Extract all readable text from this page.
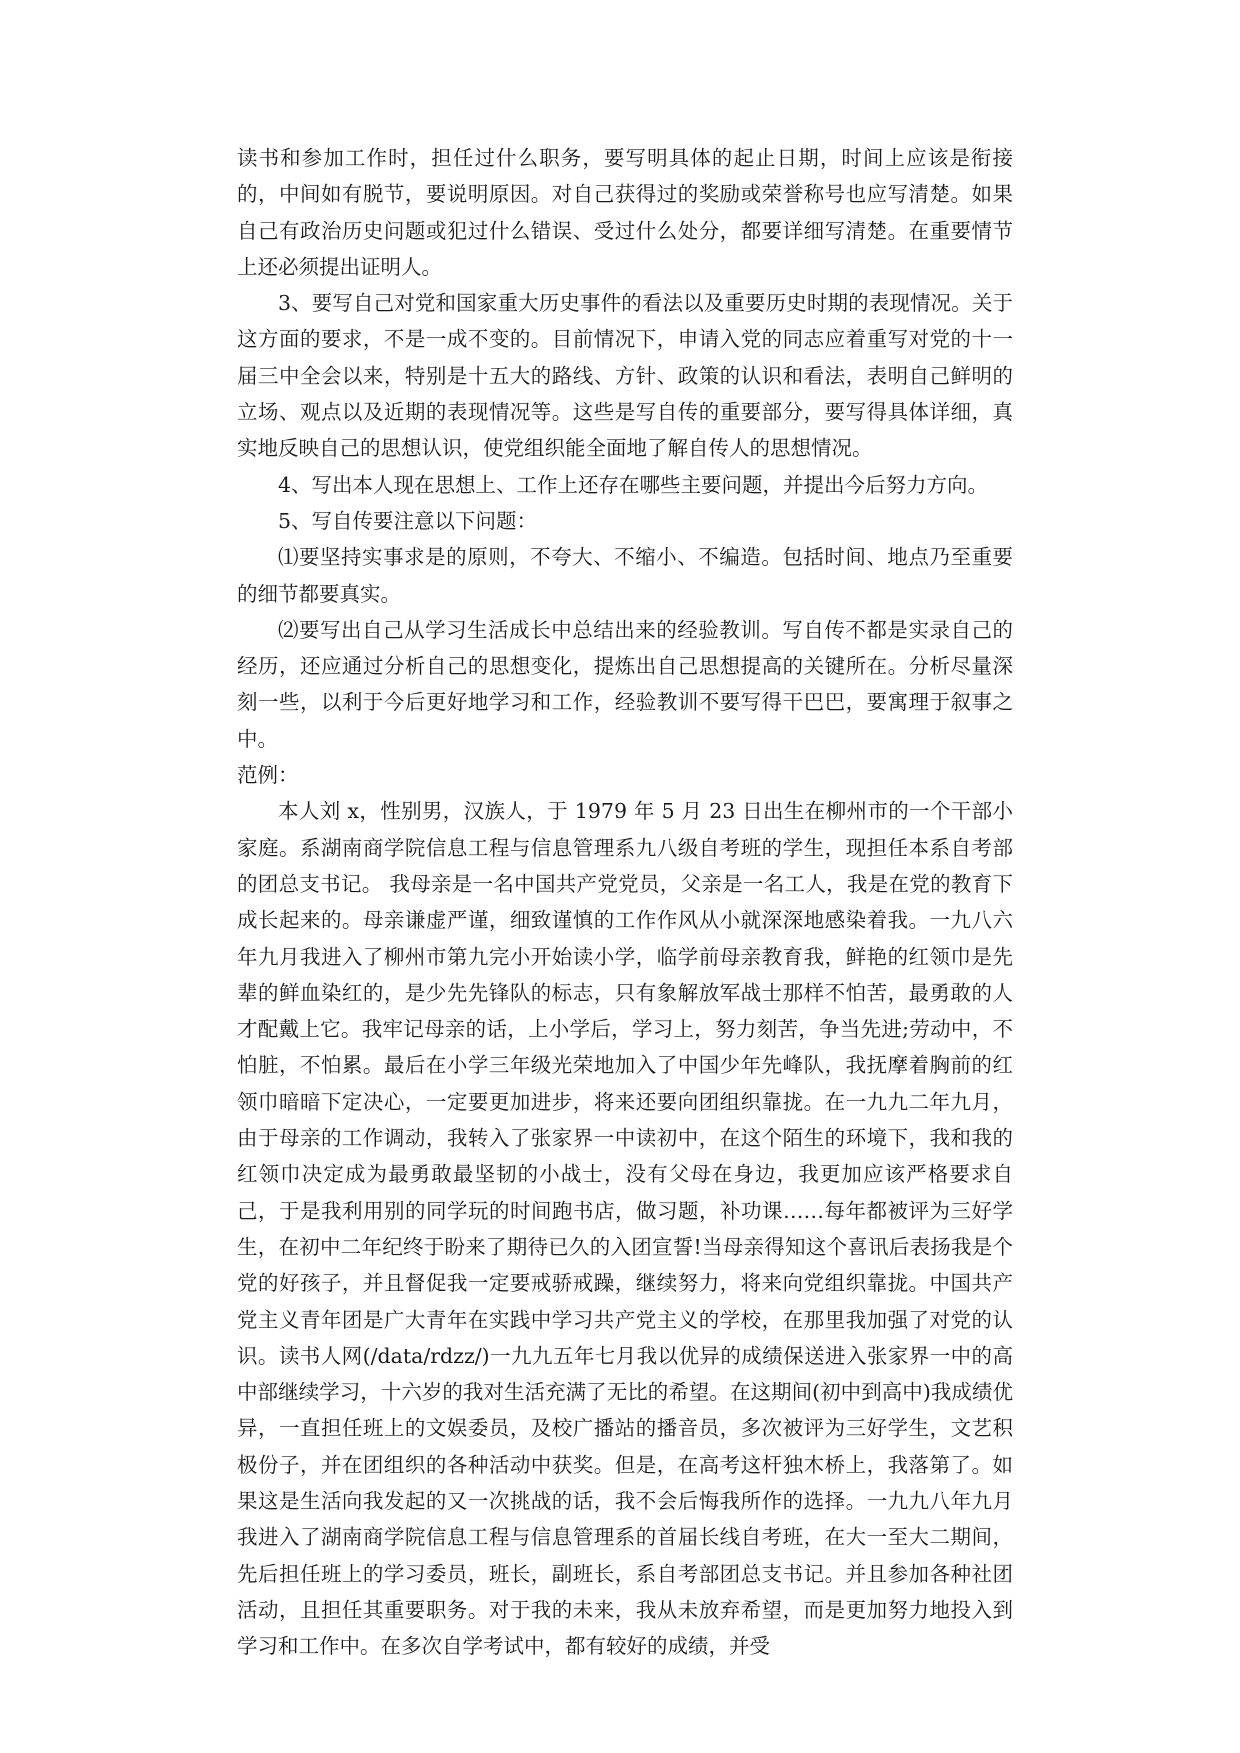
读书和参加工作时，担任过什么职务，要写明具体的起止日期，时间上应该是衔接的，中间如有脱节，要说明原因。对自己获得过的奖励或荣誉称号也应写清楚。如果自己有政治历史问题或犯过什么错误、受过什么处分，都要详细写清楚。在重要情节上还必须提出证明人。

3、要写自己对党和国家重大历史事件的看法以及重要历史时期的表现情况。关于这方面的要求，不是一成不变的。目前情况下，申请入党的同志应着重写对党的十一届三中全会以来，特别是十五大的路线、方针、政策的认识和看法，表明自己鲜明的立场、观点以及近期的表现情况等。这些是写自传的重要部分，要写得具体详细，真实地反映自己的思想认识，使党组织能全面地了解自传人的思想情况。

4、写出本人现在思想上、工作上还存在哪些主要问题，并提出今后努力方向。

5、写自传要注意以下问题：

⑴要坚持实事求是的原则，不夸大、不缩小、不编造。包括时间、地点乃至重要的细节都要真实。

⑵要写出自己从学习生活成长中总结出来的经验教训。写自传不都是实录自己的经历，还应通过分析自己的思想变化，提炼出自己思想提高的关键所在。分析尽量深刻一些，以利于今后更好地学习和工作，经验教训不要写得干巴巴，要寓理于叙事之中。

范例：

本人刘 x，性别男，汉族人，于 1979 年 5 月 23 日出生在柳州市的一个干部小家庭。系湖南商学院信息工程与信息管理系九八级自考班的学生，现担任本系自考部的团总支书记。 我母亲是一名中国共产党党员，父亲是一名工人，我是在党的教育下成长起来的。母亲谦虚严谨，细致谨慎的工作作风从小就深深地感染着我。一九八六年九月我进入了柳州市第九完小开始读小学，临学前母亲教育我，鲜艳的红领巾是先辈的鲜血染红的，是少先先锋队的标志，只有象解放军战士那样不怕苦，最勇敢的人才配戴上它。我牢记母亲的话，上小学后，学习上，努力刻苦，争当先进;劳动中，不怕脏，不怕累。最后在小学三年级光荣地加入了中国少年先峰队，我抚摩着胸前的红领巾暗暗下定决心，一定要更加进步，将来还要向团组织靠拢。在一九九二年九月，由于母亲的工作调动，我转入了张家界一中读初中，在这个陌生的环境下，我和我的红领巾决定成为最勇敢最坚韧的小战士，没有父母在身边，我更加应该严格要求自己，于是我利用别的同学玩的时间跑书店，做习题，补功课……每年都被评为三好学生，在初中二年纪终于盼来了期待已久的入团宣誓!当母亲得知这个喜讯后表扬我是个党的好孩子，并且督促我一定要戒骄戒躁，继续努力，将来向党组织靠拢。中国共产党主义青年团是广大青年在实践中学习共产党主义的学校，在那里我加强了对党的认识。读书人网(/data/rdzz/)一九九五年七月我以优异的成绩保送进入张家界一中的高中部继续学习，十六岁的我对生活充满了无比的希望。在这期间(初中到高中)我成绩优异，一直担任班上的文娱委员，及校广播站的播音员，多次被评为三好学生，文艺积极份子，并在团组织的各种活动中获奖。但是，在高考这杆独木桥上，我落第了。如果这是生活向我发起的又一次挑战的话，我不会后悔我所作的选择。一九九八年九月我进入了湖南商学院信息工程与信息管理系的首届长线自考班，在大一至大二期间，先后担任班上的学习委员，班长，副班长，系自考部团总支书记。并且参加各种社团活动，且担任其重要职务。对于我的未来，我从未放弃希望，而是更加努力地投入到学习和工作中。在多次自学考试中，都有较好的成绩，并受
